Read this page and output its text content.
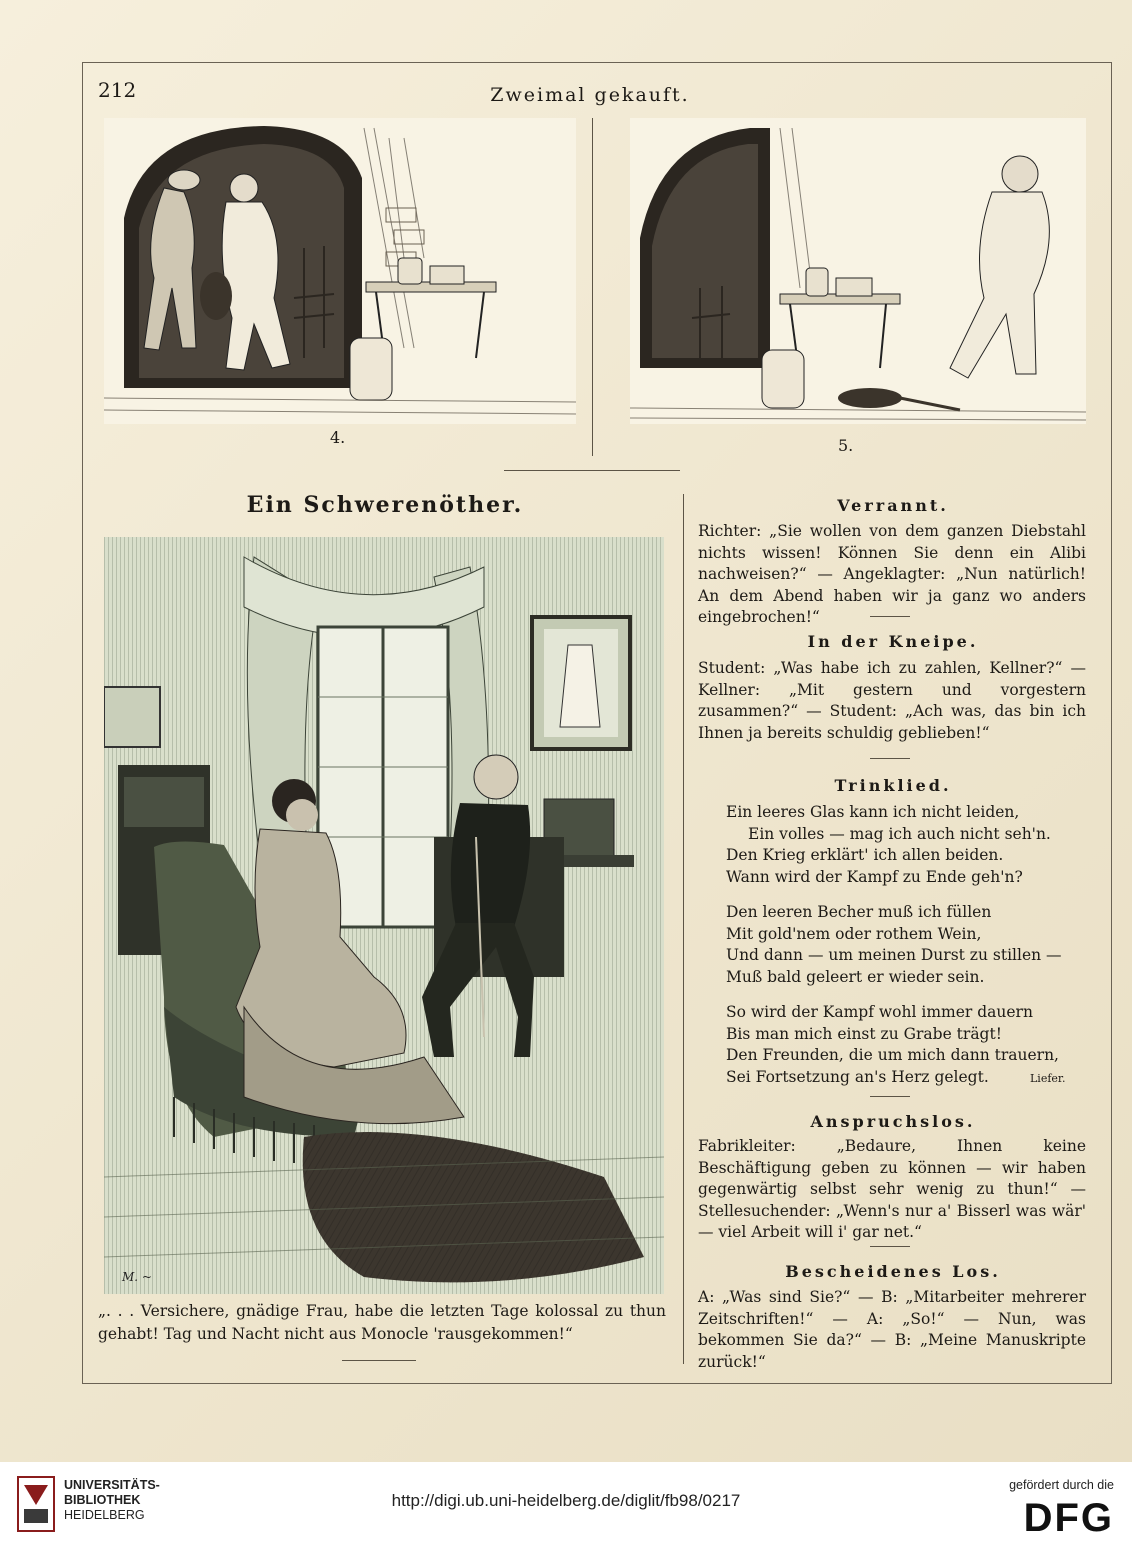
212	Zweimal gekauft.
4.	5.
Ein Schwerenöther.
M. ~
„. . . Versichere, gnädige Frau, habe die letzten Tage kolossal zu thun gehabt! Tag und Nacht nicht aus Monocle 'rausgekommen!“
Verrannt.
Richter: „Sie wollen von dem ganzen Diebstahl nichts wissen! Können Sie denn ein Alibi nachweisen?“ — Angeklagter: „Nun natürlich! An dem Abend haben wir ja ganz wo anders eingebrochen!“
In der Kneipe.
Student: „Was habe ich zu zahlen, Kellner?“ — Kellner: „Mit gestern und vorgestern zusammen?“ — Student: „Ach was, das bin ich Ihnen ja bereits schuldig geblieben!“
Trinklied.
Ein leeres Glas kann ich nicht leiden,
Ein volles — mag ich auch nicht seh'n.
Den Krieg erklärt' ich allen beiden.
Wann wird der Kampf zu Ende geh'n?
Den leeren Becher muß ich füllen
Mit gold'nem oder rothem Wein,
Und dann — um meinen Durst zu stillen —
Muß bald geleert er wieder sein.
So wird der Kampf wohl immer dauern
Bis man mich einst zu Grabe trägt!
Den Freunden, die um mich dann trauern,
Sei Fortsetzung an's Herz gelegt.	Liefer.
Anspruchslos.
Fabrikleiter: „Bedaure, Ihnen keine Beschäftigung geben zu können — wir haben gegenwärtig selbst sehr wenig zu thun!“ — Stellesuchender: „Wenn's nur a' Bisserl was wär' — viel Arbeit will i' gar net.“
Bescheidenes Los.
A: „Was sind Sie?“ — B: „Mitarbeiter mehrerer Zeitschriften!“ — A: „So!“ — Nun, was bekommen Sie da?“ — B: „Meine Manuskripte zurück!“
UNIVERSITÄTS-
BIBLIOTHEK
HEIDELBERG
http://digi.ub.uni-heidelberg.de/diglit/fb98/0217
gefördert durch die
DFG
